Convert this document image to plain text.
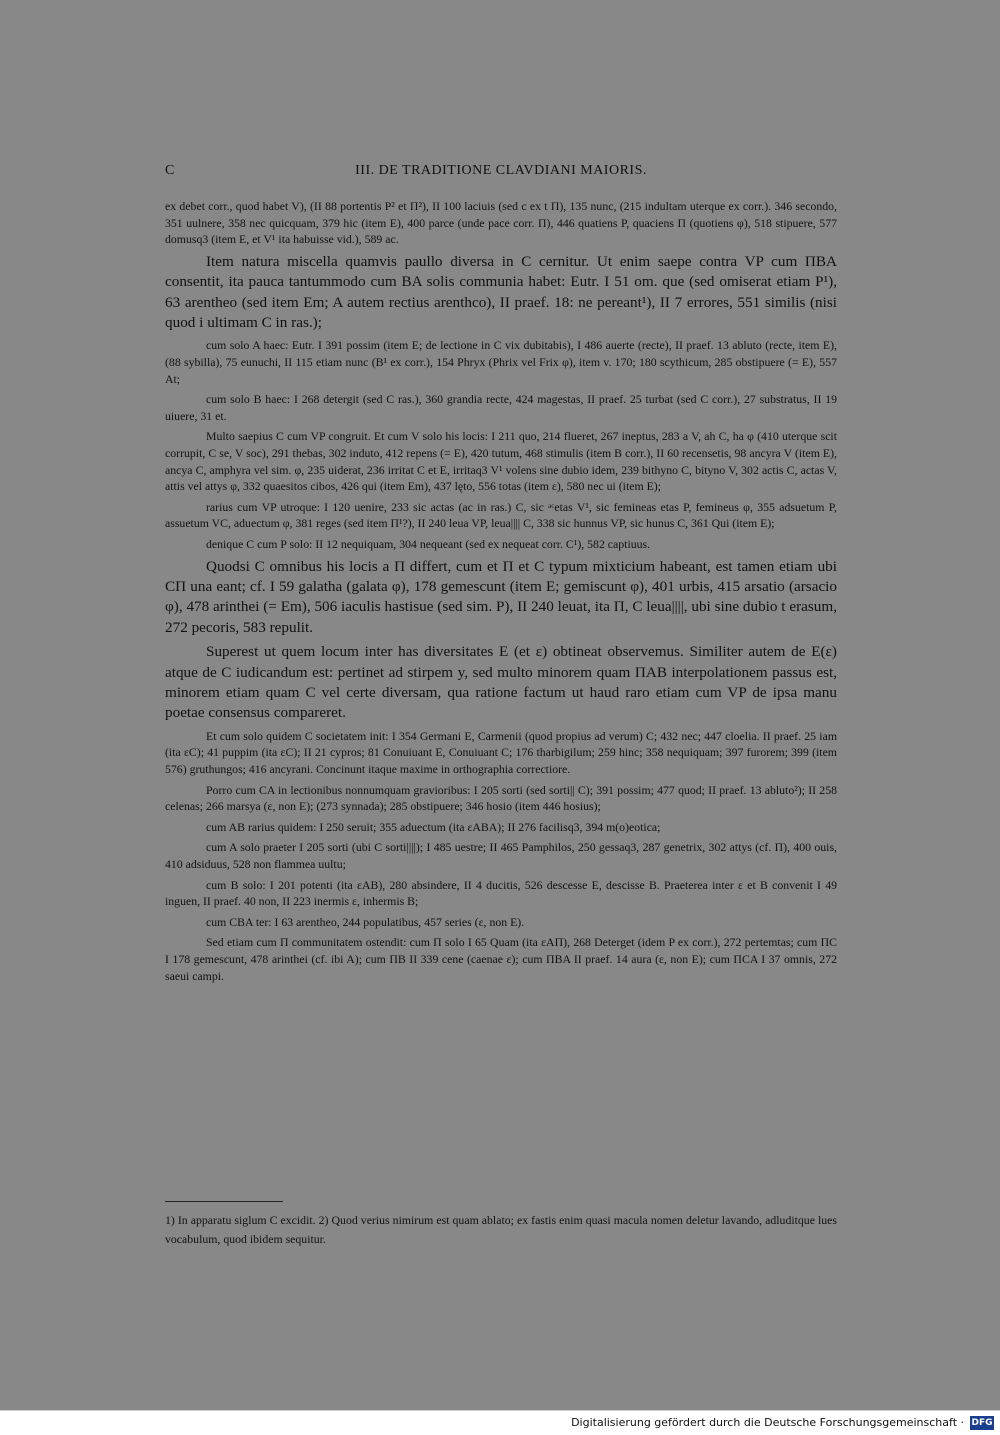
C	III. DE TRADITIONE CLAVDIANI MAIORIS.

ex debet corr., quod habet V), (II 88 portentis P² et Π²), II 100 laciuis (sed c ex t Π), 135 nunc, (215 indultam uterque ex corr.). 346 secondo, 351 uulnere, 358 nec quicquam, 379 hic (item E), 400 parce (unde pace corr. Π), 446 quatiens P, quaciens Π (quotiens φ), 518 stipuere, 577 domusq3 (item E, et V¹ ita habuisse vid.), 589 ac.

Item natura miscella quamvis paullo diversa in C cernitur. Ut enim saepe contra VP cum ΠBA consentit, ita pauca tantummodo cum BA solis communia habet: Eutr. I 51 om. que (sed omiserat etiam P¹), 63 arentheo (sed item Em; A autem rectius arenthco), II praef. 18: ne pereant¹), II 7 errores, 551 similis (nisi quod i ultimam C in ras.);

cum solo A haec: Eutr. I 391 possim (item E; de lectione in C vix dubitabis), I 486 auerte (recte), II praef. 13 abluto (recte, item E), (88 sybilla), 75 eunuchi, II 115 etiam nunc (B¹ ex corr.), 154 Phryx (Phrix vel Frix φ), item v. 170; 180 scythicum, 285 obstipuere (= E), 557 At;

cum solo B haec: I 268 detergit (sed C ras.), 360 grandia recte, 424 magestas, II praef. 25 turbat (sed C corr.), 27 substratus, II 19 uiuere, 31 et.

Multo saepius C cum VP congruit. Et cum V solo his locis: I 211 quo, 214 flueret, 267 ineptus, 283 a V, ah C, ha φ (410 uterque scit corrupit, C se, V soc), 291 thebas, 302 induto, 412 repens (= E), 420 tutum, 468 stimulis (item B corr.), II 60 recensetis, 98 ancyra V (item E), ancya C, amphyra vel sim. φ, 235 uiderat, 236 irritat C et E, irritaq3 V¹ volens sine dubio idem, 239 bithyno C, bityno V, 302 actis C, actas V, attis vel attys φ, 332 quaesitos cibos, 426 qui (item Em), 437 lęto, 556 totas (item ε), 580 nec ui (item E);

rarius cum VP utroque: I 120 uenire, 233 sic actas (ac in ras.) C, sic ᵃᶜetas V¹, sic femineas etas P, femineus φ, 355 adsuetum P, assuetum VC, aduectum φ, 381 reges (sed item Π¹?), II 240 leua VP, leua|||| C, 338 sic hunnus VP, sic hunus C, 361 Qui (item E);

denique C cum P solo: II 12 nequiquam, 304 nequeant (sed ex nequeat corr. C¹), 582 captiuus.

Quodsi C omnibus his locis a Π differt, cum et Π et C typum mixticium habeant, est tamen etiam ubi CΠ una eant; cf. I 59 galatha (galata φ), 178 gemescunt (item E; gemiscunt φ), 401 urbis, 415 arsatio (arsacio φ), 478 arinthei (= Em), 506 iaculis hastisue (sed sim. P), II 240 leuat, ita Π, C leua||||, ubi sine dubio t erasum, 272 pecoris, 583 repulit.

Superest ut quem locum inter has diversitates E (et ε) obtineat observemus. Similiter autem de E(ε) atque de C iudicandum est: pertinet ad stirpem y, sed multo minorem quam ΠAB interpolationem passus est, minorem etiam quam C vel certe diversam, qua ratione factum ut haud raro etiam cum VP de ipsa manu poetae consensus compareret.

Et cum solo quidem C societatem init: I 354 Germani E, Carmenii (quod propius ad verum) C; 432 nec; 447 cloelia. II praef. 25 iam (ita εC); 41 puppim (ita εC); II 21 cypros; 81 Conuiuant E, Conuiuant C; 176 tharbigilum; 259 hinc; 358 nequiquam; 397 furorem; 399 (item 576) gruthungos; 416 ancyrani. Concinunt itaque maxime in orthographia correctiore.

Porro cum CA in lectionibus nonnumquam gravioribus: I 205 sorti (sed sorti|| C); 391 possim; 477 quod; II praef. 13 abluto²); II 258 celenas; 266 marsya (ε, non E); (273 synnada); 285 obstipuere; 346 hosio (item 446 hosius);

cum AB rarius quidem: I 250 seruit; 355 aduectum (ita εABA); II 276 facilisq3, 394 m(o)eotica;

cum A solo praeter I 205 sorti (ubi C sorti||||); I 485 uestre; II 465 Pamphilos, 250 gessaq3, 287 genetrix, 302 attys (cf. Π), 400 ouis, 410 adsiduus, 528 non flammea uultu;

cum B solo: I 201 potenti (ita εAB), 280 absindere, II 4 ducitis, 526 descesse E, descisse B. Praeterea inter ε et B convenit I 49 inguen, II praef. 40 non, II 223 inermis ε, inhermis B;

cum CBA ter: I 63 arentheo, 244 populatibus, 457 series (ε, non E).

Sed etiam cum Π communitatem ostendit: cum Π solo I 65 Quam (ita εAΠ), 268 Deterget (idem P ex corr.), 272 pertemtas; cum ΠC I 178 gemescunt, 478 arinthei (cf. ibi A); cum ΠB II 339 cene (caenae ε); cum ΠBA II praef. 14 aura (ε, non E); cum ΠCA I 37 omnis, 272 saeui campi.

1) In apparatu siglum C excidit. 2) Quod verius nimirum est quam ablato; ex fastis enim quasi macula nomen deletur lavando, adluditque lues vocabulum, quod ibidem sequitur.
Digitalisierung gefördert durch die Deutsche Forschungsgemeinschaft · DFG
